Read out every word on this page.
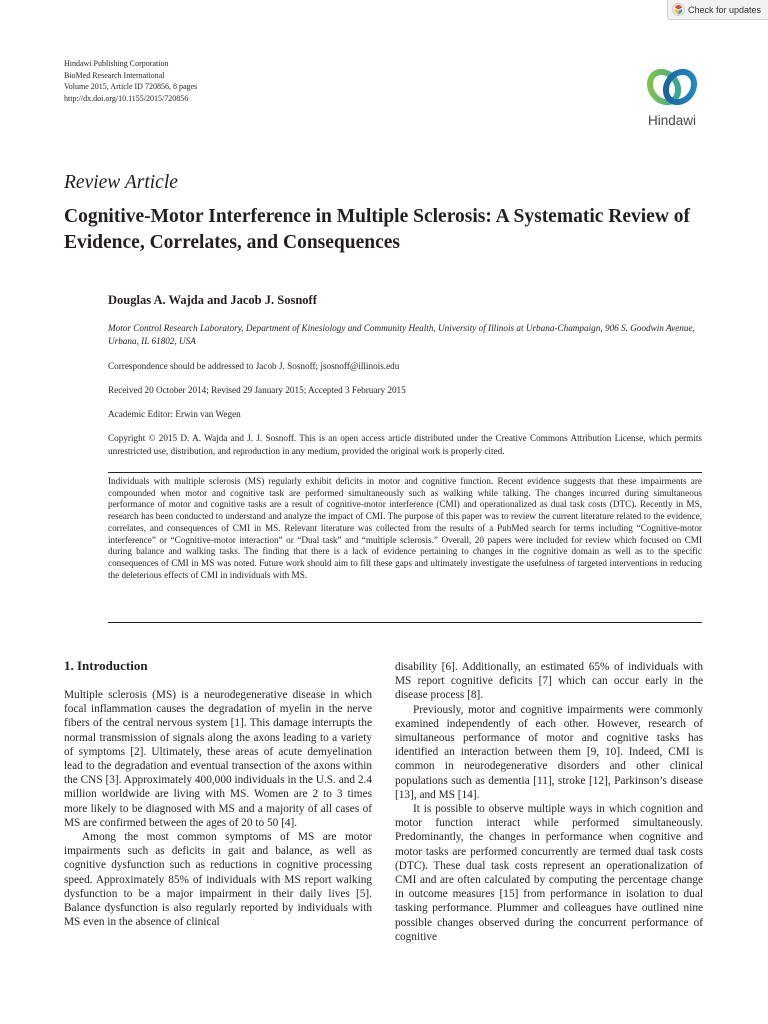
Check for updates
Hindawi Publishing Corporation
BioMed Research International
Volume 2015, Article ID 720856, 8 pages
http://dx.doi.org/10.1155/2015/720856
Hindawi
Review Article
Cognitive-Motor Interference in Multiple Sclerosis: A Systematic Review of Evidence, Correlates, and Consequences
Douglas A. Wajda and Jacob J. Sosnoff
Motor Control Research Laboratory, Department of Kinesiology and Community Health, University of Illinois at Urbana-Champaign, 906 S. Goodwin Avenue, Urbana, IL 61802, USA
Correspondence should be addressed to Jacob J. Sosnoff; jsosnoff@illinois.edu
Received 20 October 2014; Revised 29 January 2015; Accepted 3 February 2015
Academic Editor: Erwin van Wegen
Copyright © 2015 D. A. Wajda and J. J. Sosnoff. This is an open access article distributed under the Creative Commons Attribution License, which permits unrestricted use, distribution, and reproduction in any medium, provided the original work is properly cited.
Individuals with multiple sclerosis (MS) regularly exhibit deficits in motor and cognitive function. Recent evidence suggests that these impairments are compounded when motor and cognitive task are performed simultaneously such as walking while talking. The changes incurred during simultaneous performance of motor and cognitive tasks are a result of cognitive-motor interference (CMI) and operationalized as dual task costs (DTC). Recently in MS, research has been conducted to understand and analyze the impact of CMI. The purpose of this paper was to review the current literature related to the evidence, correlates, and consequences of CMI in MS. Relevant literature was collected from the results of a PubMed search for terms including “Cognitive-motor interference” or “Cognitive-motor interaction” or “Dual task” and “multiple sclerosis.” Overall, 20 papers were included for review which focused on CMI during balance and walking tasks. The finding that there is a lack of evidence pertaining to changes in the cognitive domain as well as to the specific consequences of CMI in MS was noted. Future work should aim to fill these gaps and ultimately investigate the usefulness of targeted interventions in reducing the deleterious effects of CMI in individuals with MS.
1. Introduction

Multiple sclerosis (MS) is a neurodegenerative disease in which focal inflammation causes the degradation of myelin in the nerve fibers of the central nervous system [1]. This damage interrupts the normal transmission of signals along the axons leading to a variety of symptoms [2]. Ultimately, these areas of acute demyelination lead to the degradation and eventual transection of the axons within the CNS [3]. Approximately 400,000 individuals in the U.S. and 2.4 million worldwide are living with MS. Women are 2 to 3 times more likely to be diagnosed with MS and a majority of all cases of MS are confirmed between the ages of 20 to 50 [4].

Among the most common symptoms of MS are motor impairments such as deficits in gait and balance, as well as cognitive dysfunction such as reductions in cognitive processing speed. Approximately 85% of individuals with MS report walking dysfunction to be a major impairment in their daily lives [5]. Balance dysfunction is also regularly reported by individuals with MS even in the absence of clinical

disability [6]. Additionally, an estimated 65% of individuals with MS report cognitive deficits [7] which can occur early in the disease process [8].

Previously, motor and cognitive impairments were commonly examined independently of each other. However, research of simultaneous performance of motor and cognitive tasks has identified an interaction between them [9, 10]. Indeed, CMI is common in neurodegenerative disorders and other clinical populations such as dementia [11], stroke [12], Parkinson’s disease [13], and MS [14].

It is possible to observe multiple ways in which cognition and motor function interact while performed simultaneously. Predominantly, the changes in performance when cognitive and motor tasks are performed concurrently are termed dual task costs (DTC). These dual task costs represent an operationalization of CMI and are often calculated by computing the percentage change in outcome measures [15] from performance in isolation to dual tasking performance. Plummer and colleagues have outlined nine possible changes observed during the concurrent performance of cognitive
